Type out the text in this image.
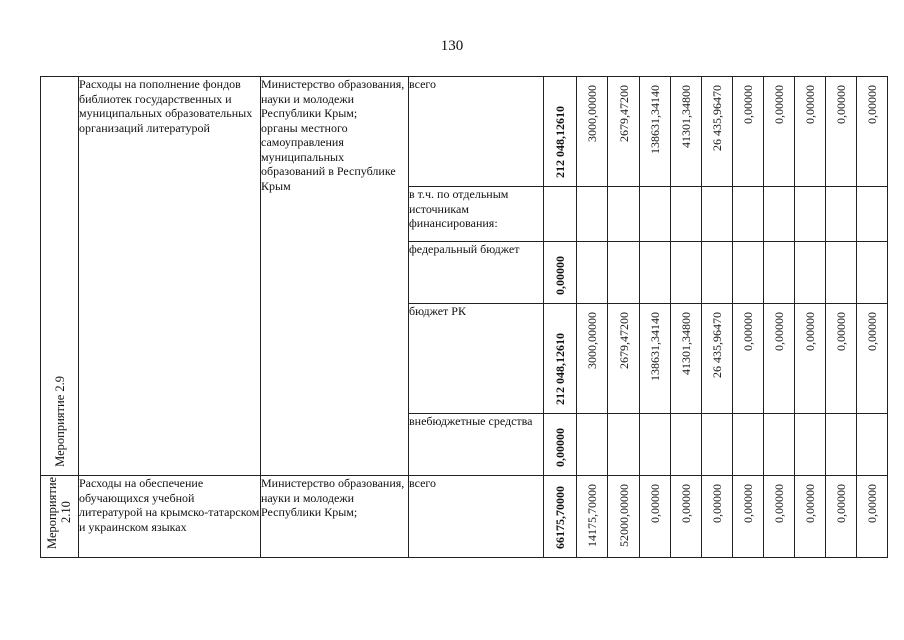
130
Мероприятие 2.9	Расходы на пополнение фондов библиотек государственных и муниципальных образовательных организаций литературой	Министерство образования, науки и молодежи Республики Крым;
органы местного самоуправления муниципальных образований в Республике Крым	всего	212 048,12610	3000,00000	2679,47200	138631,34140	41301,34800	26 435,96470	0,00000	0,00000	0,00000	0,00000	0,00000

			в т.ч. по отдельным источникам финансирования:											
			федеральный бюджет	0,00000										

			бюджет РК	212 048,12610	3000,00000	2679,47200	138631,34140	41301,34800	26 435,96470	0,00000	0,00000	0,00000	0,00000	0,00000

			внебюджетные средства	0,00000										

Мероприятие 2.10	Расходы на обеспечение обучающихся учебной литературой на крымско-татарском и украинском языках	Министерство образования, науки и молодежи Республики Крым;	всего	66175,70000	14175,70000	52000,00000	0,00000	0,00000	0,00000	0,00000	0,00000	0,00000	0,00000	0,00000
